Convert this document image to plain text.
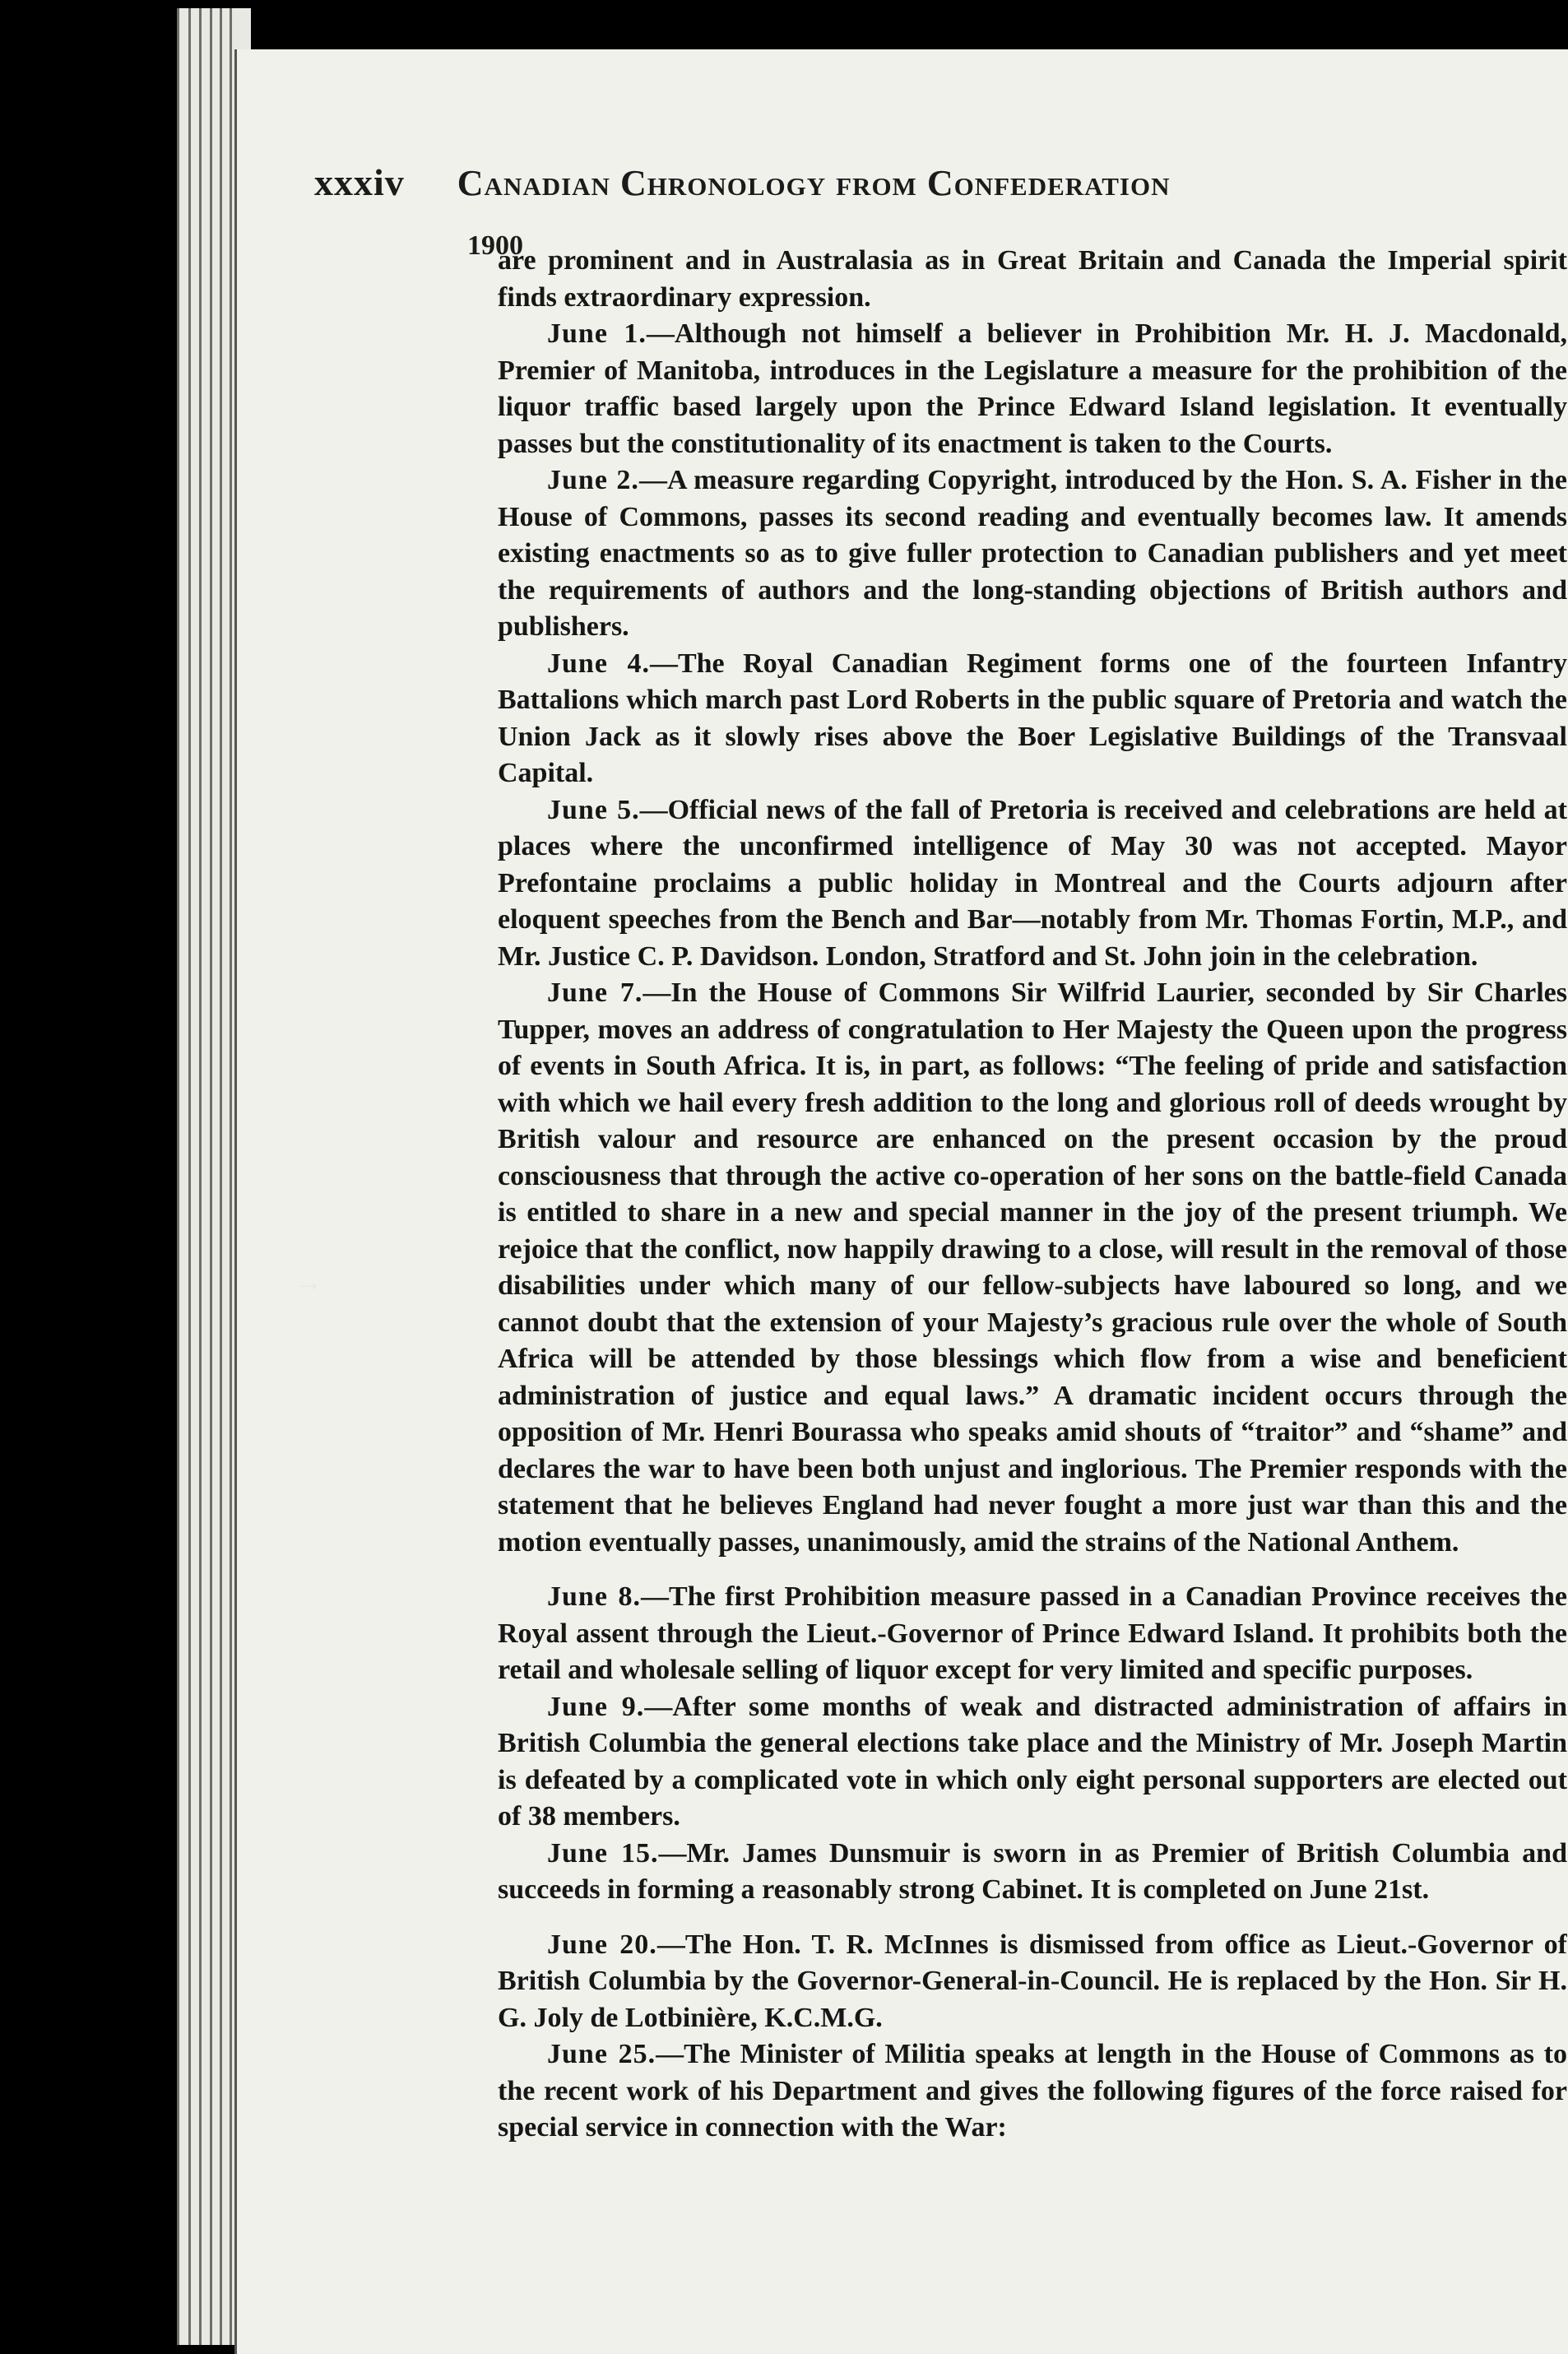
→
xxxiv Canadian Chronology from Confederation
1900

are prominent and in Australasia as in Great Britain and Canada the Imperial spirit finds extraordinary expression.

June 1.—Although not himself a believer in Prohibition Mr. H. J. Macdonald, Premier of Manitoba, introduces in the Legislature a measure for the prohibition of the liquor traffic based largely upon the Prince Edward Island legislation. It eventually passes but the constitutionality of its enactment is taken to the Courts.

June 2.—A measure regarding Copyright, introduced by the Hon. S. A. Fisher in the House of Commons, passes its second reading and eventually becomes law. It amends existing enactments so as to give fuller protection to Canadian publishers and yet meet the requirements of authors and the long-standing objections of British authors and publishers.

June 4.—The Royal Canadian Regiment forms one of the fourteen Infantry Battalions which march past Lord Roberts in the public square of Pretoria and watch the Union Jack as it slowly rises above the Boer Legislative Buildings of the Transvaal Capital.

June 5.—Official news of the fall of Pretoria is received and celebrations are held at places where the unconfirmed intelligence of May 30 was not accepted. Mayor Prefontaine proclaims a public holiday in Montreal and the Courts adjourn after eloquent speeches from the Bench and Bar—notably from Mr. Thomas Fortin, M.P., and Mr. Justice C. P. Davidson. London, Stratford and St. John join in the celebration.

June 7.—In the House of Commons Sir Wilfrid Laurier, seconded by Sir Charles Tupper, moves an address of congratulation to Her Majesty the Queen upon the progress of events in South Africa. It is, in part, as follows: “The feeling of pride and satisfaction with which we hail every fresh addition to the long and glorious roll of deeds wrought by British valour and resource are enhanced on the present occasion by the proud consciousness that through the active co-operation of her sons on the battle-field Canada is entitled to share in a new and special manner in the joy of the present triumph. We rejoice that the conflict, now happily drawing to a close, will result in the removal of those disabilities under which many of our fellow-subjects have laboured so long, and we cannot doubt that the extension of your Majesty’s gracious rule over the whole of South Africa will be attended by those blessings which flow from a wise and beneficient administration of justice and equal laws.” A dramatic incident occurs through the opposition of Mr. Henri Bourassa who speaks amid shouts of “traitor” and “shame” and declares the war to have been both unjust and inglorious. The Premier responds with the statement that he believes England had never fought a more just war than this and the motion eventually passes, unanimously, amid the strains of the National Anthem.

June 8.—The first Prohibition measure passed in a Canadian Province receives the Royal assent through the Lieut.-Governor of Prince Edward Island. It prohibits both the retail and wholesale selling of liquor except for very limited and specific purposes.

June 9.—After some months of weak and distracted administration of affairs in British Columbia the general elections take place and the Ministry of Mr. Joseph Martin is defeated by a complicated vote in which only eight personal supporters are elected out of 38 members.

June 15.—Mr. James Dunsmuir is sworn in as Premier of British Columbia and succeeds in forming a reasonably strong Cabinet. It is completed on June 21st.

June 20.—The Hon. T. R. McInnes is dismissed from office as Lieut.-Governor of British Columbia by the Governor-General-in-Council. He is replaced by the Hon. Sir H. G. Joly de Lotbinière, K.C.M.G.

June 25.—The Minister of Militia speaks at length in the House of Commons as to the recent work of his Department and gives the following figures of the force raised for special service in connection with the War:
